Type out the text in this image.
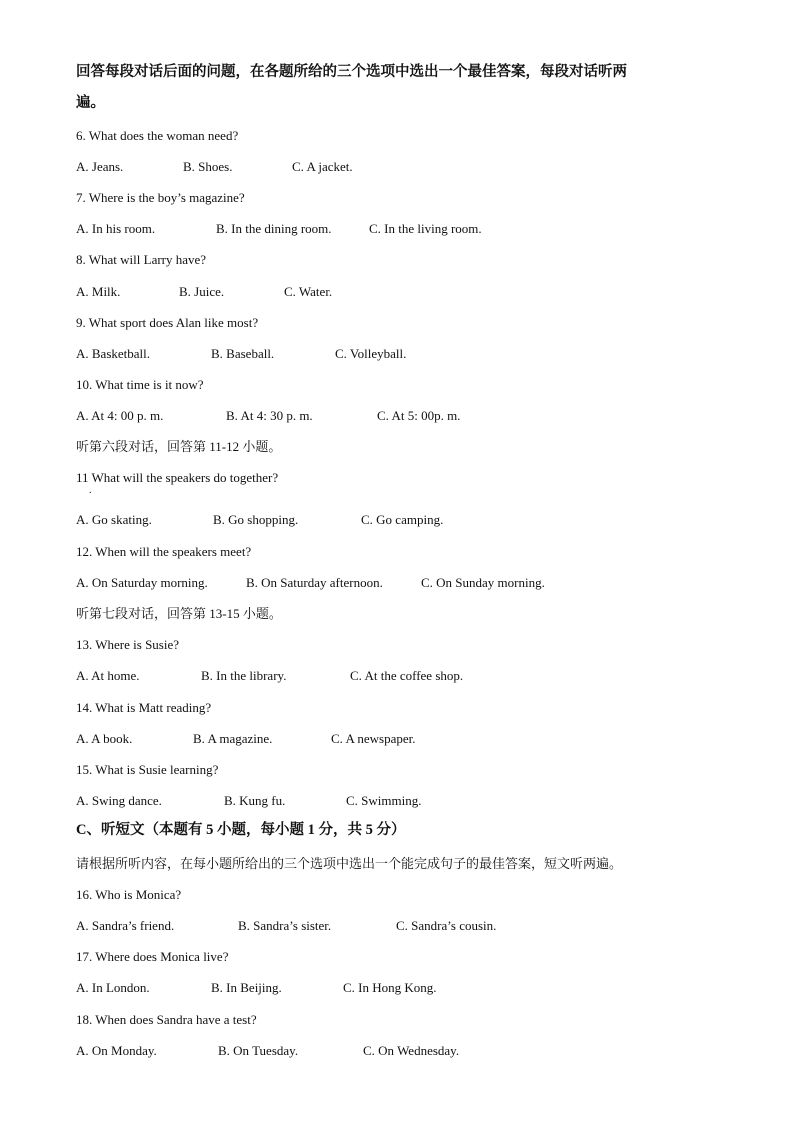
回答每段对话后面的问题，在各题所给的三个选项中选出一个最佳答案，每段对话听两
遍。
6. What does the woman need?
A. Jeans.	B. Shoes.	C. A jacket.
7. Where is the boy’s magazine?
A. In his room.	B. In the dining room.	C. In the living room.
8. What will Larry have?
A. Milk.	B. Juice.	C. Water.
9. What sport does Alan like most?
A. Basketball.	B. Baseball.	C. Volleyball.
10. What time is it now?
A. At 4: 00 p. m.	B. At 4: 30 p. m.	C. At 5: 00p. m.
听第六段对话，回答第 11-12 小题。
11 What will the speakers do together?
.
A. Go skating.	B. Go shopping.	C. Go camping.
12. When will the speakers meet?
A. On Saturday morning.	B. On Saturday afternoon.	C. On Sunday morning.
听第七段对话，回答第 13-15 小题。
13. Where is Susie?
A. At home.	B. In the library.	C. At the coffee shop.
14. What is Matt reading?
A. A book.	B. A magazine.	C. A newspaper.
15. What is Susie learning?
A. Swing dance.	B. Kung fu.	C. Swimming.
C、听短文（本题有 5 小题，每小题 1 分，共 5 分）
请根据所听内容，在每小题所给出的三个选项中选出一个能完成句子的最佳答案，短文听两遍。
16. Who is Monica?
A. Sandra’s friend.	B. Sandra’s sister.	C. Sandra’s cousin.
17. Where does Monica live?
A. In London.	B. In Beijing.	C. In Hong Kong.
18. When does Sandra have a test?
A. On Monday.	B. On Tuesday.	C. On Wednesday.
